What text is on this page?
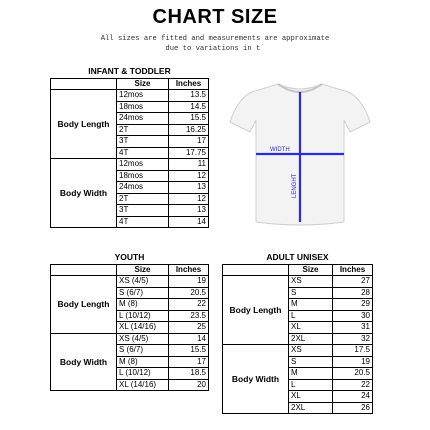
CHART SIZE
All sizes are fitted and measurements are approximate
due to variations in t˙
INFANT & TODDLER		
	Size	Inches
Body Length	12mos	13.5
	18mos	14.5
	24mos	15.5
	2T	16.25
	3T	17
	4T	17.75
Body Width	12mos	11
	18mos	12
	24mos	13
	2T	12
	3T	13
	4T	14
YOUTH		
	Size	Inches
Body Length	XS (4/5)	19
	S (6/7)	20.5
	M (8)	22
	L (10/12)	23.5
	XL (14/16)	25
Body Width	XS (4/5)	14
	S (6/7)	15.5
	M (8)	17
	L (10/12)	18.5
	XL (14/16)	20
ADULT UNISEX		
	Size	Inches
Body Length	XS	27
	S	28
	M	29
	L	30
	XL	31
	2XL	32
Body Width	XS	17.5
	S	19
	M	20.5
	L	22
	XL	24
	2XL	26
WIDTH
LENGHT
